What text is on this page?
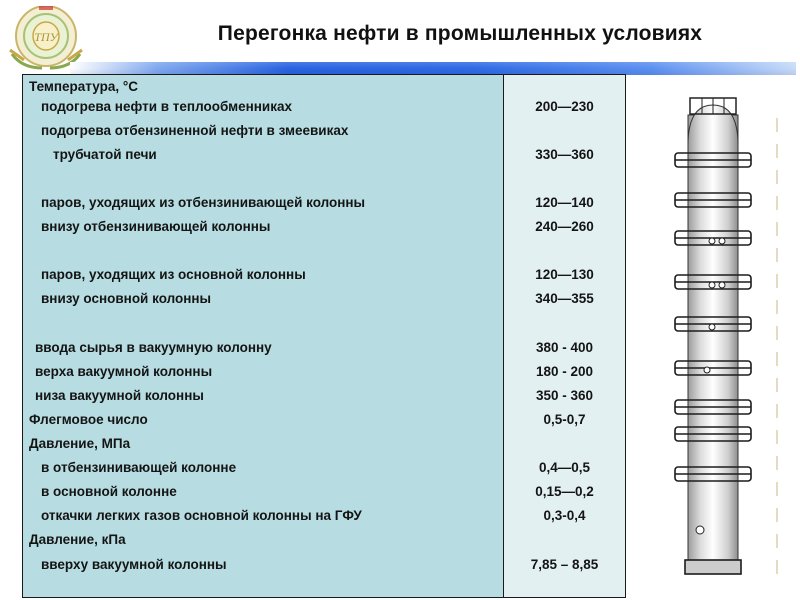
ТПУ	Перегонка нефти в промышленных условиях
Температура, °C
подогрева нефти в теплообменниках
подогрева отбензиненной нефти в змеевиках
трубчатой печи
паров, уходящих из отбензинивающей колонны
внизу отбензинивающей колонны
паров, уходящих из основной колонны
внизу основной колонны
ввода сырья в вакуумную колонну
верха вакуумной колонны
низа вакуумной колонны
Флегмовое число
Давление, МПа
в отбензинивающей колонне
в основной колонне
откачки легких газов основной колонны на ГФУ
Давление, кПа
вверху вакуумной колонны
200—230
330—360
120—140
240—260
120—130
340—355
380 - 400
180 - 200
350 - 360
0,5-0,7
0,4—0,5
0,15—0,2
0,3-0,4
7,85 – 8,85
